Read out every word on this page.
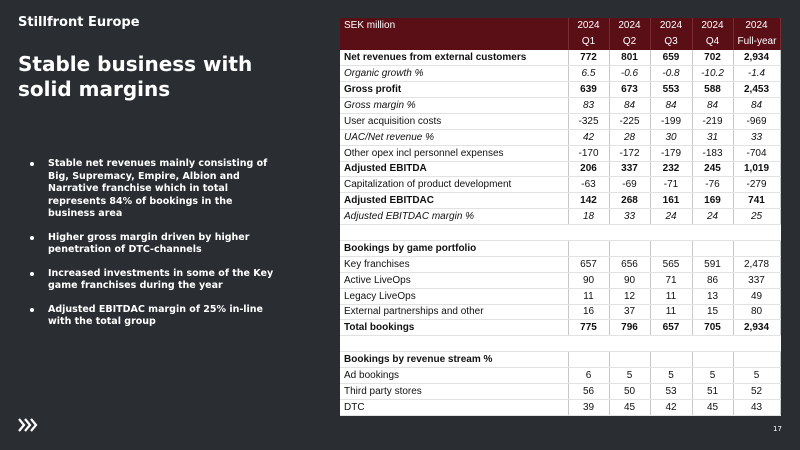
Stillfront Europe
Stable business with solid margins
Stable net revenues mainly consisting of Big, Supremacy, Empire, Albion and Narrative franchise which in total represents 84% of bookings in the business area
Higher gross margin driven by higher penetration of DTC-channels
Increased investments in some of the Key game franchises during the year
Adjusted EBITDAC margin of 25% in-line with the total group
17
SEK million	2024	2024	2024	2024	2024
	Q1	Q2	Q3	Q4	Full-year
Net revenues from external customers	772	801	659	702	2,934
Organic growth %	6.5	-0.6	-0.8	-10.2	-1.4
Gross profit	639	673	553	588	2,453
Gross margin %	83	84	84	84	84
User acquisition costs	-325	-225	-199	-219	-969
UAC/Net revenue %	42	28	30	31	33
Other opex incl personnel expenses	-170	-172	-179	-183	-704
Adjusted EBITDA	206	337	232	245	1,019
Capitalization of product development	-63	-69	-71	-76	-279
Adjusted EBITDAC	142	268	161	169	741
Adjusted EBITDAC margin %	18	33	24	24	25

Bookings by game portfolio					
Key franchises	657	656	565	591	2,478
Active LiveOps	90	90	71	86	337
Legacy LiveOps	11	12	11	13	49
External partnerships and other	16	37	11	15	80
Total bookings	775	796	657	705	2,934

Bookings by revenue stream %					
Ad bookings	6	5	5	5	5
Third party stores	56	50	53	51	52
DTC	39	45	42	45	43
